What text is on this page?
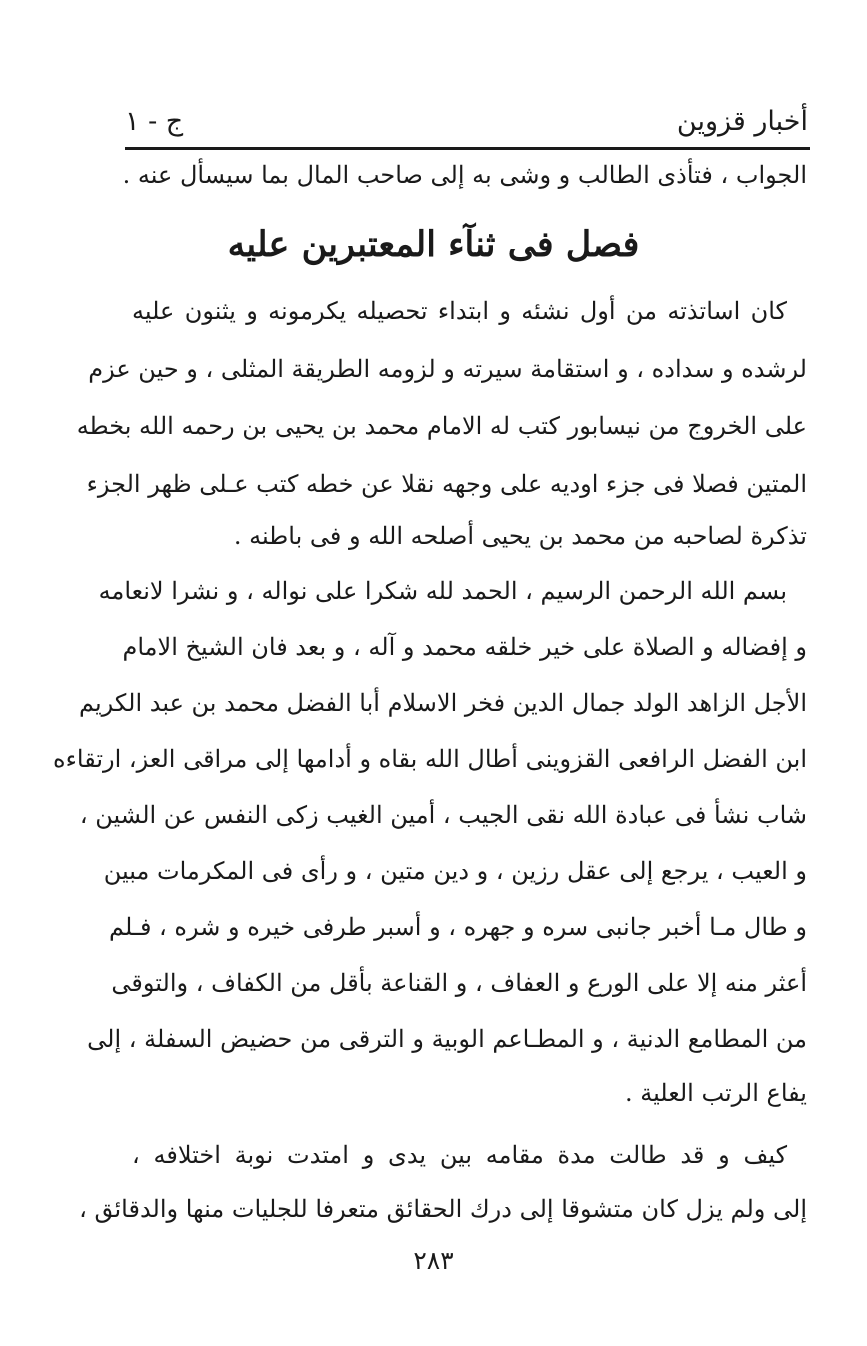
أخبار قزوين
ج - ١
الجواب ، فتأذى الطالب و وشى به إلى صاحب المال بما سيسأل عنه .
فصل فى ثنآء المعتبرين عليه
كان اساتذته من أول نشئه و ابتداء تحصيله يكرمونه و يثنون عليه
لرشده و سداده ، و استقامة سيرته و لزومه الطريقة المثلى ، و حين عزم
على الخروج من نيسابور كتب له الامام محمد بن يحيى بن رحمه الله بخطه
المتين فصلا فى جزء اوديه على وجهه نقلا عن خطه كتب عـلى ظهر الجزء
تذكرة لصاحبه من محمد بن يحيى أصلحه الله و فى باطنه .
بسم الله الرحمن الرسيم ، الحمد لله شكرا على نواله ، و نشرا لانعامه
و إفضاله و الصلاة على خير خلقه محمد و آله ، و بعد فان الشيخ الامام
الأجل الزاهد الولد جمال الدين فخر الاسلام أبا الفضل محمد بن عبد الكريم
ابن الفضل الرافعى القزوينى أطال الله بقاه و أدامها إلى مراقى العز، ارتقاءه
شاب نشأ فى عبادة الله نقى الجيب ، أمين الغيب زكى النفس عن الشين ،
و العيب ، يرجع إلى عقل رزين ، و دين متين ، و رأى فى المكرمات مبين
و طال مـا أخبر جانبى سره و جهره ، و أسبر طرفى خيره و شره ، فـلم
أعثر منه إلا على الورع و العفاف ، و القناعة بأقل من الكفاف ، والتوقى
من المطامع الدنية ، و المطـاعم الوبية و الترقى من حضيض السفلة ، إلى
يفاع الرتب العلية .
كيف و قد طالت مدة مقامه بين يدى و امتدت نوبة اختلافه ،
إلى ولم يزل كان متشوقا إلى درك الحقائق متعرفا للجليات منها والدقائق ،
٢٨٣
